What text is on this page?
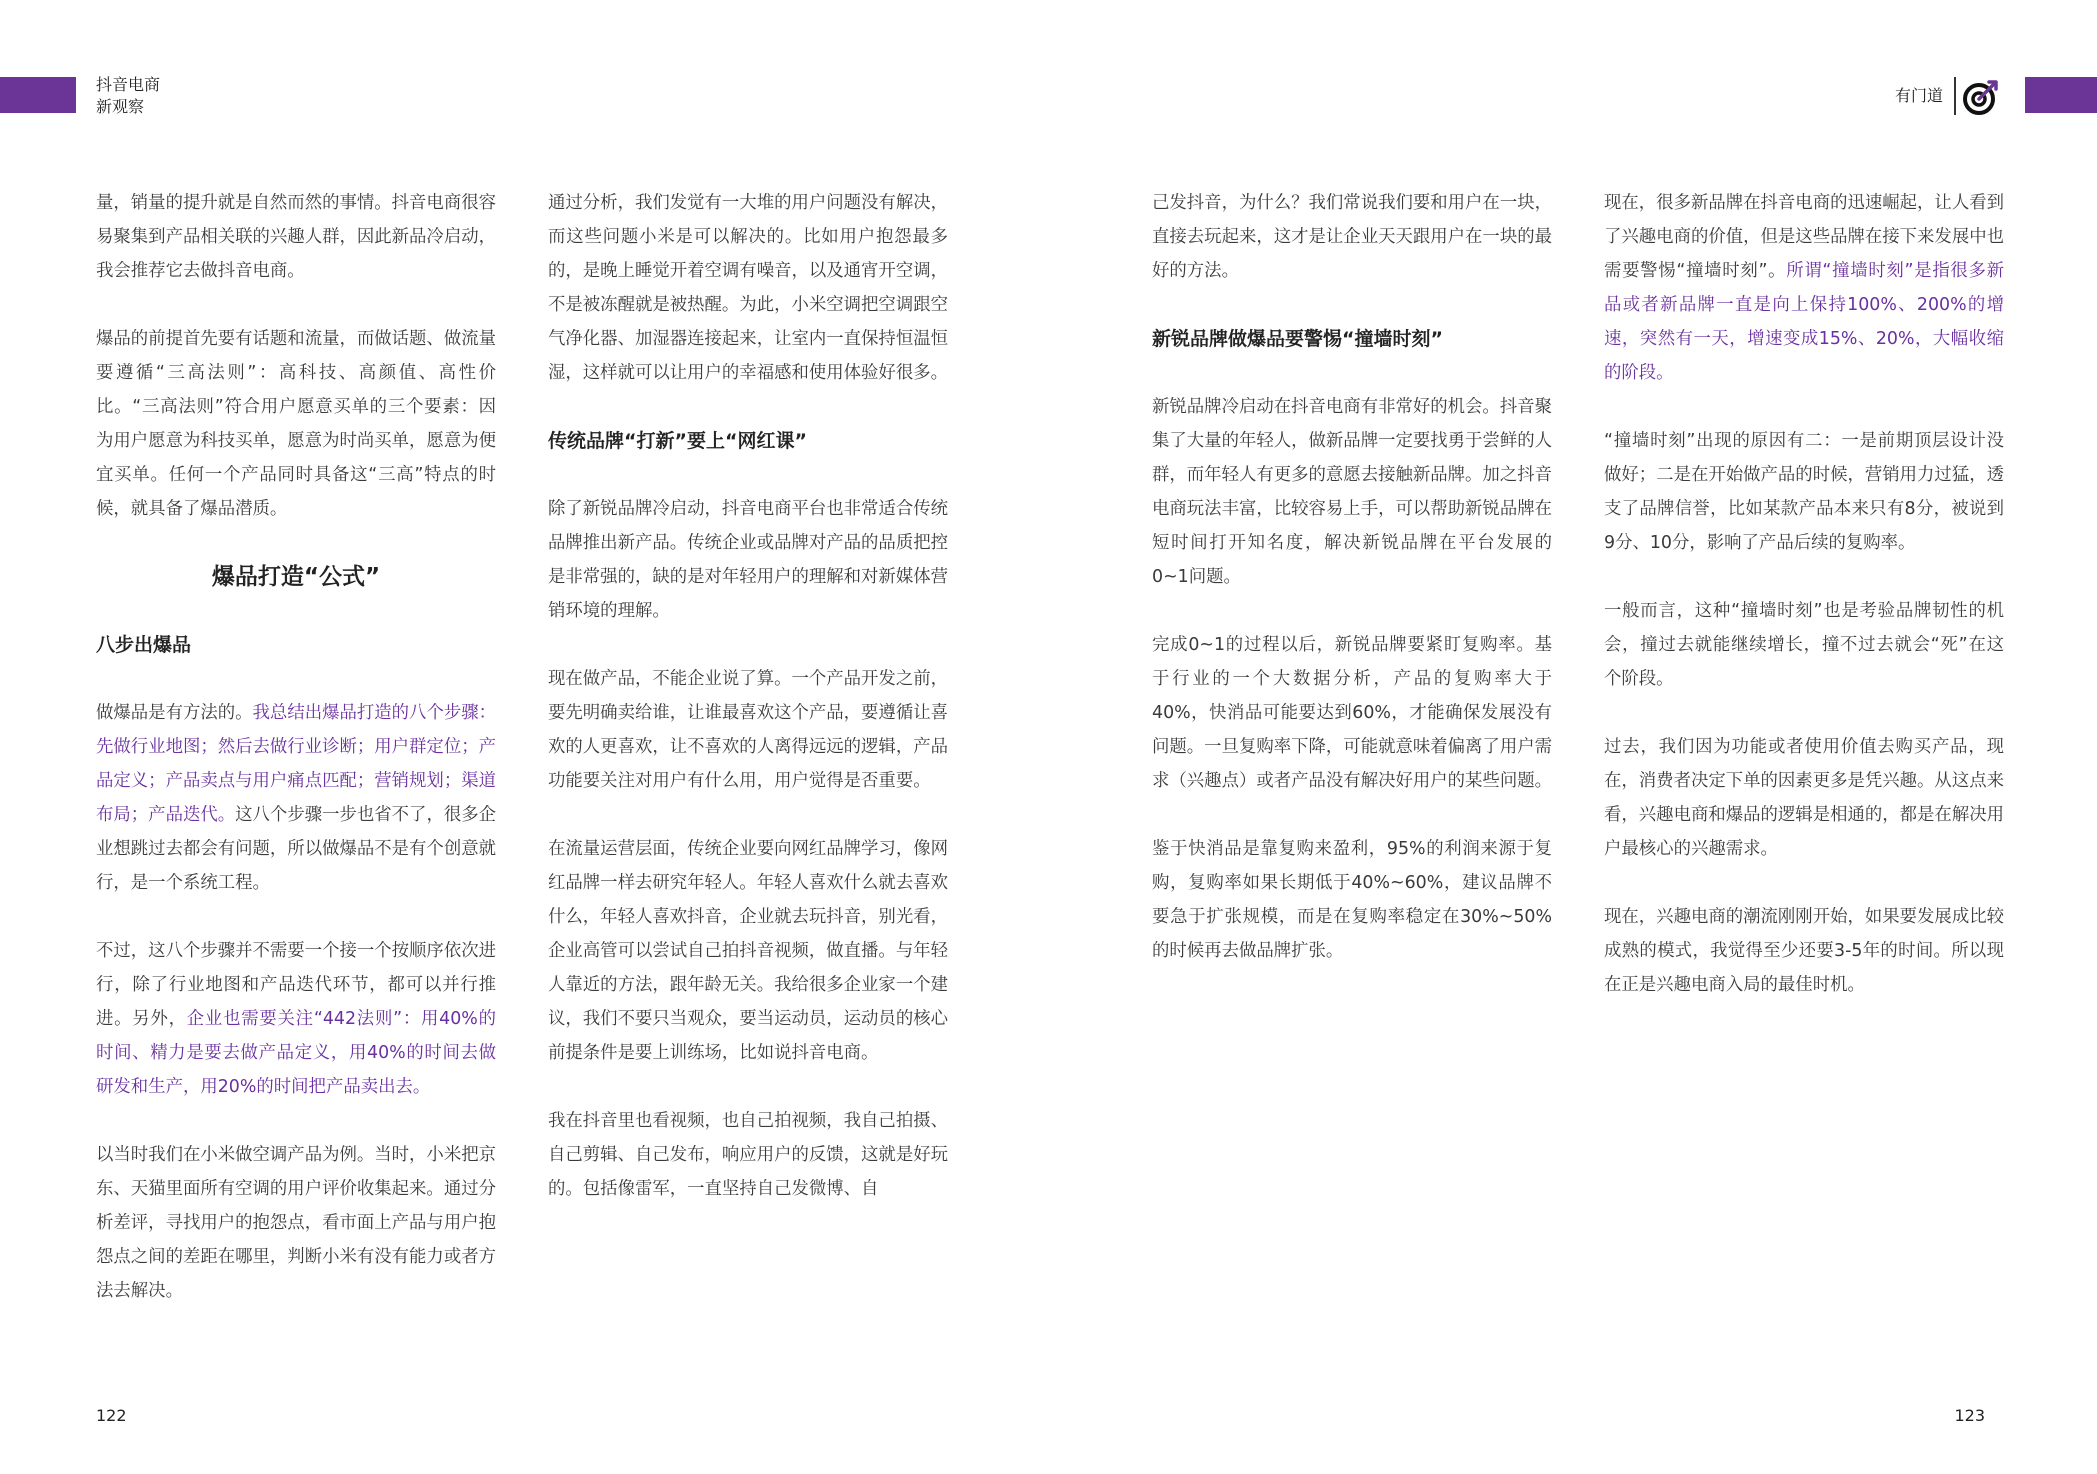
抖音电商
新观察
有门道

量，销量的提升就是自然而然的事情。抖音电商很容易聚集到产品相关联的兴趣人群，因此新品冷启动，我会推荐它去做抖音电商。

爆品的前提首先要有话题和流量，而做话题、做流量要遵循“三高法则”：高科技、高颜值、高性价比。“三高法则”符合用户愿意买单的三个要素：因为用户愿意为科技买单，愿意为时尚买单，愿意为便宜买单。任何一个产品同时具备这“三高”特点的时候，就具备了爆品潜质。

爆品打造“公式”
八步出爆品

做爆品是有方法的。我总结出爆品打造的八个步骤：先做行业地图；然后去做行业诊断；用户群定位；产品定义；产品卖点与用户痛点匹配；营销规划；渠道布局；产品迭代。这八个步骤一步也省不了，很多企业想跳过去都会有问题，所以做爆品不是有个创意就行，是一个系统工程。

不过，这八个步骤并不需要一个接一个按顺序依次进行，除了行业地图和产品迭代环节，都可以并行推进。另外，企业也需要关注“442法则”：用40%的时间、精力是要去做产品定义，用40%的时间去做研发和生产，用20%的时间把产品卖出去。

以当时我们在小米做空调产品为例。当时，小米把京东、天猫里面所有空调的用户评价收集起来。通过分析差评，寻找用户的抱怨点，看市面上产品与用户抱怨点之间的差距在哪里，判断小米有没有能力或者方法去解决。

通过分析，我们发觉有一大堆的用户问题没有解决，而这些问题小米是可以解决的。比如用户抱怨最多的，是晚上睡觉开着空调有噪音，以及通宵开空调，不是被冻醒就是被热醒。为此，小米空调把空调跟空气净化器、加湿器连接起来，让室内一直保持恒温恒湿，这样就可以让用户的幸福感和使用体验好很多。

传统品牌“打新”要上“网红课”

除了新锐品牌冷启动，抖音电商平台也非常适合传统品牌推出新产品。传统企业或品牌对产品的品质把控是非常强的，缺的是对年轻用户的理解和对新媒体营销环境的理解。

现在做产品，不能企业说了算。一个产品开发之前，要先明确卖给谁，让谁最喜欢这个产品，要遵循让喜欢的人更喜欢，让不喜欢的人离得远远的逻辑，产品功能要关注对用户有什么用，用户觉得是否重要。

在流量运营层面，传统企业要向网红品牌学习，像网红品牌一样去研究年轻人。年轻人喜欢什么就去喜欢什么，年轻人喜欢抖音，企业就去玩抖音，别光看，企业高管可以尝试自己拍抖音视频，做直播。与年轻人靠近的方法，跟年龄无关。我给很多企业家一个建议，我们不要只当观众，要当运动员，运动员的核心前提条件是要上训练场，比如说抖音电商。

我在抖音里也看视频，也自己拍视频，我自己拍摄、自己剪辑、自己发布，响应用户的反馈，这就是好玩的。包括像雷军，一直坚持自己发微博、自

己发抖音，为什么？我们常说我们要和用户在一块，直接去玩起来，这才是让企业天天跟用户在一块的最好的方法。

新锐品牌做爆品要警惕“撞墙时刻”

新锐品牌冷启动在抖音电商有非常好的机会。抖音聚集了大量的年轻人，做新品牌一定要找勇于尝鲜的人群，而年轻人有更多的意愿去接触新品牌。加之抖音电商玩法丰富，比较容易上手，可以帮助新锐品牌在短时间打开知名度，解决新锐品牌在平台发展的0~1问题。

完成0~1的过程以后，新锐品牌要紧盯复购率。基于行业的一个大数据分析，产品的复购率大于40%，快消品可能要达到60%，才能确保发展没有问题。一旦复购率下降，可能就意味着偏离了用户需求（兴趣点）或者产品没有解决好用户的某些问题。

鉴于快消品是靠复购来盈利，95%的利润来源于复购，复购率如果长期低于40%~60%，建议品牌不要急于扩张规模，而是在复购率稳定在30%~50%的时候再去做品牌扩张。

现在，很多新品牌在抖音电商的迅速崛起，让人看到了兴趣电商的价值，但是这些品牌在接下来发展中也需要警惕“撞墙时刻”。所谓“撞墙时刻”是指很多新品或者新品牌一直是向上保持100%、200%的增速，突然有一天，增速变成15%、20%，大幅收缩的阶段。

“撞墙时刻”出现的原因有二：一是前期顶层设计没做好；二是在开始做产品的时候，营销用力过猛，透支了品牌信誉，比如某款产品本来只有8分，被说到9分、10分，影响了产品后续的复购率。

一般而言，这种“撞墙时刻”也是考验品牌韧性的机会，撞过去就能继续增长，撞不过去就会“死”在这个阶段。

过去，我们因为功能或者使用价值去购买产品，现在，消费者决定下单的因素更多是凭兴趣。从这点来看，兴趣电商和爆品的逻辑是相通的，都是在解决用户最核心的兴趣需求。

现在，兴趣电商的潮流刚刚开始，如果要发展成比较成熟的模式，我觉得至少还要3-5年的时间。所以现在正是兴趣电商入局的最佳时机。

122	123
